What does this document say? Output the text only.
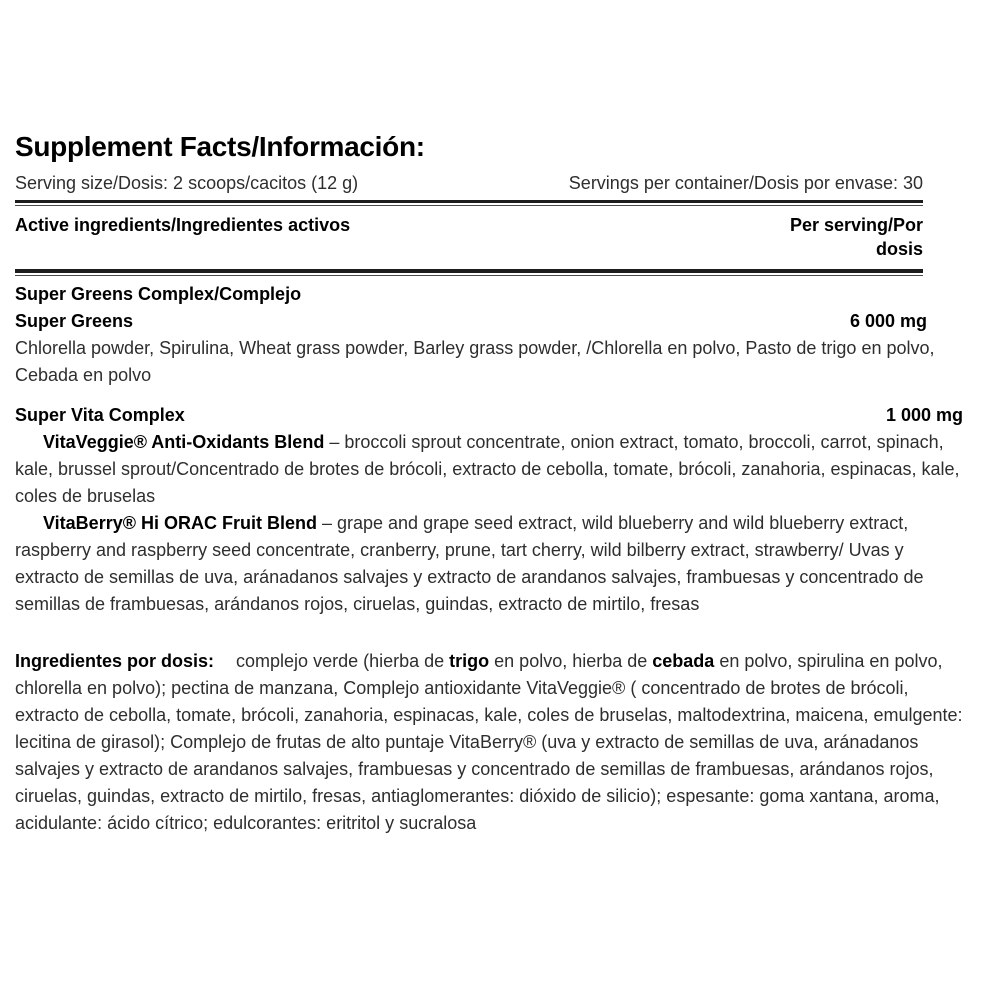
Supplement Facts/Información:
Serving size/Dosis: 2 scoops/cacitos (12 g)	Servings per container/Dosis por envase: 30
Active ingredients/Ingredientes activos	Per serving/Por dosis
Super Greens Complex/Complejo
Super Greens	6 000 mg

Chlorella powder, Spirulina, Wheat grass powder, Barley grass powder, /Chlorella en polvo, Pasto de trigo en polvo, Cebada en polvo

Super Vita Complex	1 000 mg

VitaVeggie® Anti-Oxidants Blend – broccoli sprout concentrate, onion extract, tomato, broccoli, carrot, spinach, kale, brussel sprout/Concentrado de brotes de brócoli, extracto de cebolla, tomate, brócoli, zanahoria, espinacas, kale, coles de bruselas

VitaBerry® Hi ORAC Fruit Blend – grape and grape seed extract, wild blueberry and wild blueberry extract, raspberry and raspberry seed concentrate, cranberry, prune, tart cherry, wild bilberry extract, strawberry/ Uvas y extracto de semillas de uva, aránadanos salvajes y extracto de arandanos salvajes, frambuesas y concentrado de semillas de frambuesas, arándanos rojos, ciruelas, guindas, extracto de mirtilo, fresas

Ingredientes por dosis: complejo verde (hierba de trigo en polvo, hierba de cebada en polvo, spirulina en polvo, chlorella en polvo); pectina de manzana, Complejo antioxidante VitaVeggie® ( concentrado de brotes de brócoli, extracto de cebolla, tomate, brócoli, zanahoria, espinacas, kale, coles de bruselas, maltodextrina, maicena, emulgente: lecitina de girasol); Complejo de frutas de alto puntaje VitaBerry® (uva y extracto de semillas de uva, aránadanos salvajes y extracto de arandanos salvajes, frambuesas y concentrado de semillas de frambuesas, arándanos rojos, ciruelas, guindas, extracto de mirtilo, fresas, antiaglomerantes: dióxido de silicio); espesante: goma xantana, aroma, acidulante: ácido cítrico; edulcorantes: eritritol y sucralosa
